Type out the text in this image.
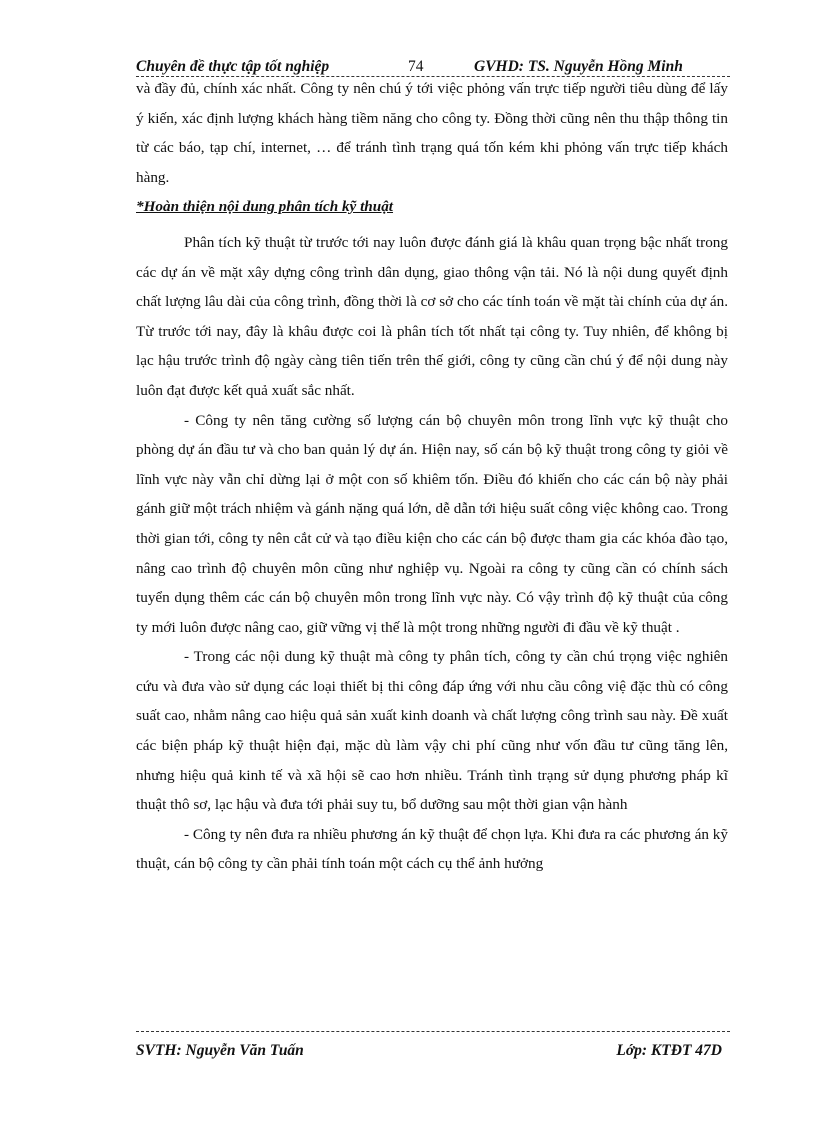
Chuyên đề thực tập tốt nghiệp	74	GVHD: TS. Nguyễn Hồng Minh

và đầy đủ, chính xác nhất. Công ty nên chú ý tới việc phỏng vấn trực tiếp người tiêu dùng để lấy ý kiến, xác định lượng khách hàng tiềm năng cho công ty. Đồng thời cũng nên thu thập thông tin từ các báo, tạp chí, internet, … để tránh tình trạng quá tốn kém khi phỏng vấn trực tiếp khách hàng.

*Hoàn thiện nội dung phân tích kỹ thuật

Phân tích kỹ thuật từ trước tới nay luôn được đánh giá là khâu quan trọng bậc nhất trong các dự án về mặt xây dựng công trình dân dụng, giao thông vận tải. Nó là nội dung quyết định chất lượng lâu dài của công trình, đồng thời là cơ sở cho các tính toán về mặt tài chính của dự án. Từ trước tới nay, đây là khâu được coi là phân tích tốt nhất tại công ty. Tuy nhiên, để không bị lạc hậu trước trình độ ngày càng tiên tiến trên thế giới, công ty cũng cần chú ý để nội dung này luôn đạt được kết quả xuất sắc nhất.

- Công ty nên tăng cường số lượng cán bộ chuyên môn trong lĩnh vực kỹ thuật cho phòng dự án đầu tư và cho ban quản lý dự án. Hiện nay, số cán bộ kỹ thuật trong công ty giỏi về lĩnh vực này vẫn chỉ dừng lại ở một con số khiêm tốn. Điều đó khiến cho các cán bộ này phải gánh giữ một trách nhiệm và gánh nặng quá lớn, dễ dẫn tới hiệu suất công việc không cao. Trong thời gian tới, công ty nên cắt cử và tạo điều kiện cho các cán bộ được tham gia các khóa đào tạo, nâng cao trình độ chuyên môn cũng như nghiệp vụ. Ngoài ra công ty cũng cần có chính sách tuyển dụng thêm các cán bộ chuyên môn trong lĩnh vực này. Có vậy trình độ kỹ thuật của công ty mới luôn được nâng cao, giữ vững vị thế là một trong những người đi đầu về kỹ thuật .

- Trong các nội dung kỹ thuật mà công ty phân tích, công ty cần chú trọng việc nghiên cứu và đưa vào sử dụng các loại thiết bị thi công đáp ứng với nhu cầu công việ đặc thù có công suất cao, nhằm nâng cao hiệu quả sản xuất kinh doanh và chất lượng công trình sau này. Đề xuất các biện pháp kỹ thuật hiện đại, mặc dù làm vậy chi phí cũng như vốn đầu tư cũng tăng lên, nhưng hiệu quả kinh tế và xã hội sẽ cao hơn nhiều. Tránh tình trạng sử dụng phương pháp kĩ thuật thô sơ, lạc hậu và đưa tới phải suy tu, bổ dưỡng sau một thời gian vận hành

- Công ty nên đưa ra nhiều phương án kỹ thuật để chọn lựa. Khi đưa ra các phương án kỹ thuật, cán bộ công ty cần phải tính toán một cách cụ thể ảnh hưởng

SVTH: Nguyễn Văn Tuấn	Lớp: KTĐT 47D
